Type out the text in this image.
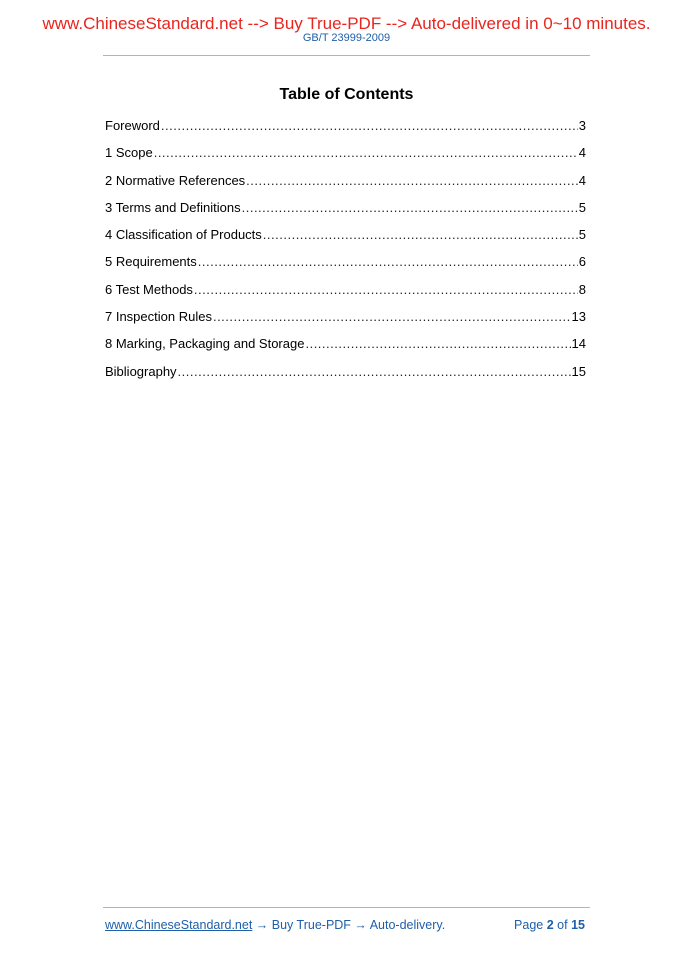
www.ChineseStandard.net --> Buy True-PDF --> Auto-delivered in 0~10 minutes.
GB/T 23999-2009
Table of Contents
Foreword .....	3
1 Scope .....	4
2 Normative References .....	4
3 Terms and Definitions .....	5
4 Classification of Products .....	5
5 Requirements .....	6
6 Test Methods .....	8
7 Inspection Rules .....	13
8 Marking, Packaging and Storage .....	14
Bibliography .....	15
www.ChineseStandard.net → Buy True-PDF → Auto-delivery.	Page 2 of 15
